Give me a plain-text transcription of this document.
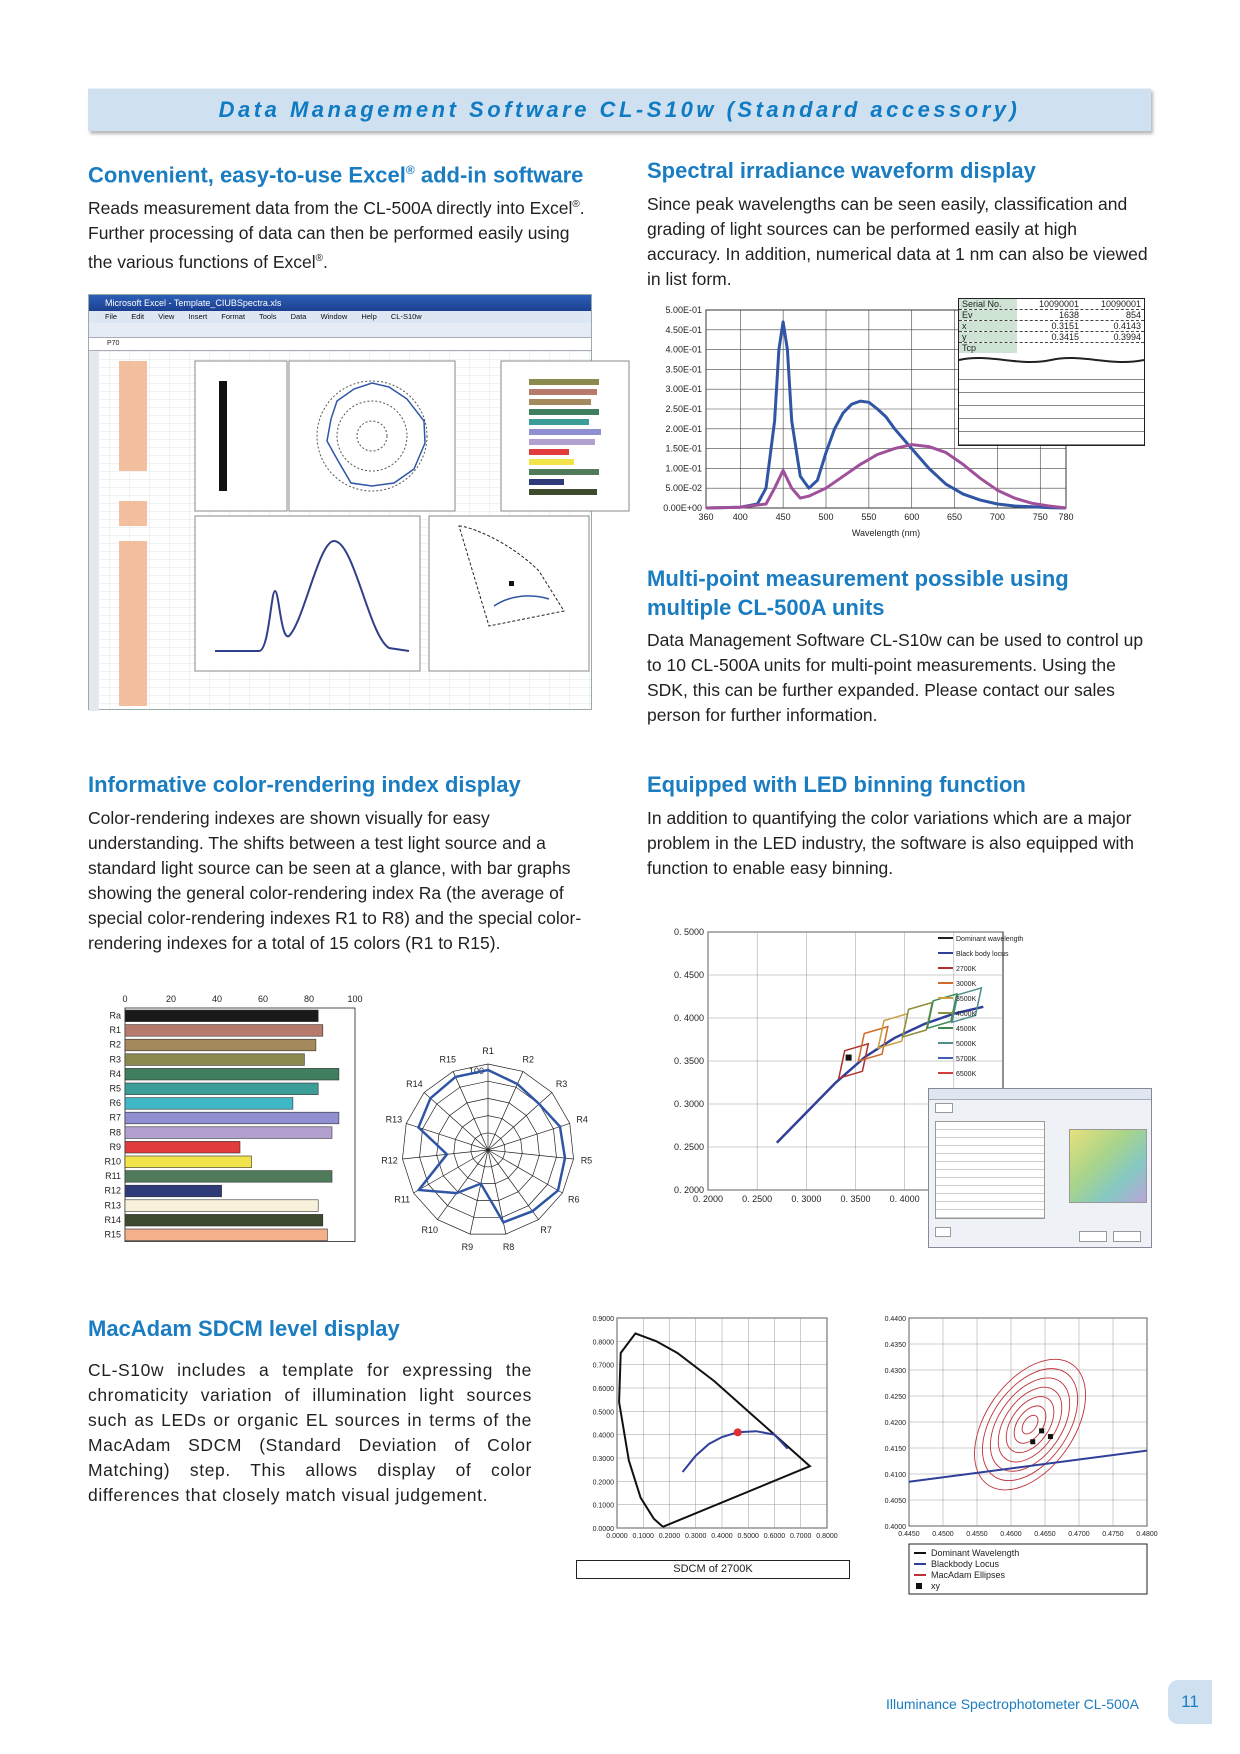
Data Management Software CL-S10w (Standard accessory)
Convenient, easy-to-use Excel® add-in software

Reads measurement data from the CL-500A directly into Excel®. Further processing of data can then be performed easily using the various functions of Excel®.

Microsoft Excel - Template_CIUBSpectra.xls
File Edit View Insert Format Tools Data Window Help CL-S10w
P70
Spectral irradiance waveform display

Since peak wavelengths can be seen easily, classification and grading of light sources can be performed easily at high accuracy. In addition, numerical data at 1 nm can also be viewed in list form.

0.00E+00
5.00E-02
1.00E-01
1.50E-01
2.00E-01
2.50E-01
3.00E-01
3.50E-01
4.00E-01
4.50E-01
5.00E-01
360 400	450	500	550	600	650	700	750 780
Wavelength (nm)
Serial No.	10090001	10090001
Ev	1638	854
x	0.3151	0.4143
y	0.3415	0.3994
Tcp
Multi-point measurement possible using multiple CL-500A units

Data Management Software CL-S10w can be used to control up to 10 CL-500A units for multi-point measurements. Using the SDK, this can be further expanded. Please contact our sales person for further information.

Informative color-rendering index display

Color-rendering indexes are shown visually for easy understanding. The shifts between a test light source and a standard light source can be seen at a glance, with bar graphs showing the general color-rendering index Ra (the average of special color-rendering indexes R1 to R8) and the special color-rendering indexes for a total of 15 colors (R1 to R15).

0	20	40	60	80	100
Ra
R1
R2
R3
R4
R5
R6
R7
R8
R9
R10
R11
R12
R13
R14
R15
R1
R2
R3
R4
R5
R6
R7
R8
R9
R10
R11
R12
R13
R14
R15
100
Equipped with LED binning function

In addition to quantifying the color variations which are a major problem in the LED industry, the software is also equipped with function to enable easy binning.

0. 2000
0. 2500
0. 3000
0. 3500
0. 4000
0. 4500
0. 5000
0. 2000 0. 2500 0. 3000 0. 3500 0. 4000
Dominant wavelength
Black body locus
2700K
3000K
3500K
4000K
4500K
5000K
5700K
6500K
MacAdam SDCM level display

CL-S10w includes a template for expressing the chromaticity variation of illumination light sources such as LEDs or organic EL sources in terms of the MacAdam SDCM (Standard Deviation of Color Matching) step. This allows display of color differences that closely match visual judgement.

0.0000
0.1000
0.2000
0.3000
0.4000
0.5000
0.6000
0.7000
0.8000
0.9000
0.0000 0.1000 0.2000 0.3000 0.4000 0.5000 0.6000 0.7000 0.8000
SDCM of 2700K
0.4000
0.4050
0.4100
0.4150
0.4200
0.4250
0.4300
0.4350
0.4400
0.4450 0.4500 0.4550 0.4600 0.4650 0.4700 0.4750 0.4800
Dominant Wavelength
Blackbody Locus
MacAdam Ellipses
xy
Illuminance Spectrophotometer CL-500A	11
